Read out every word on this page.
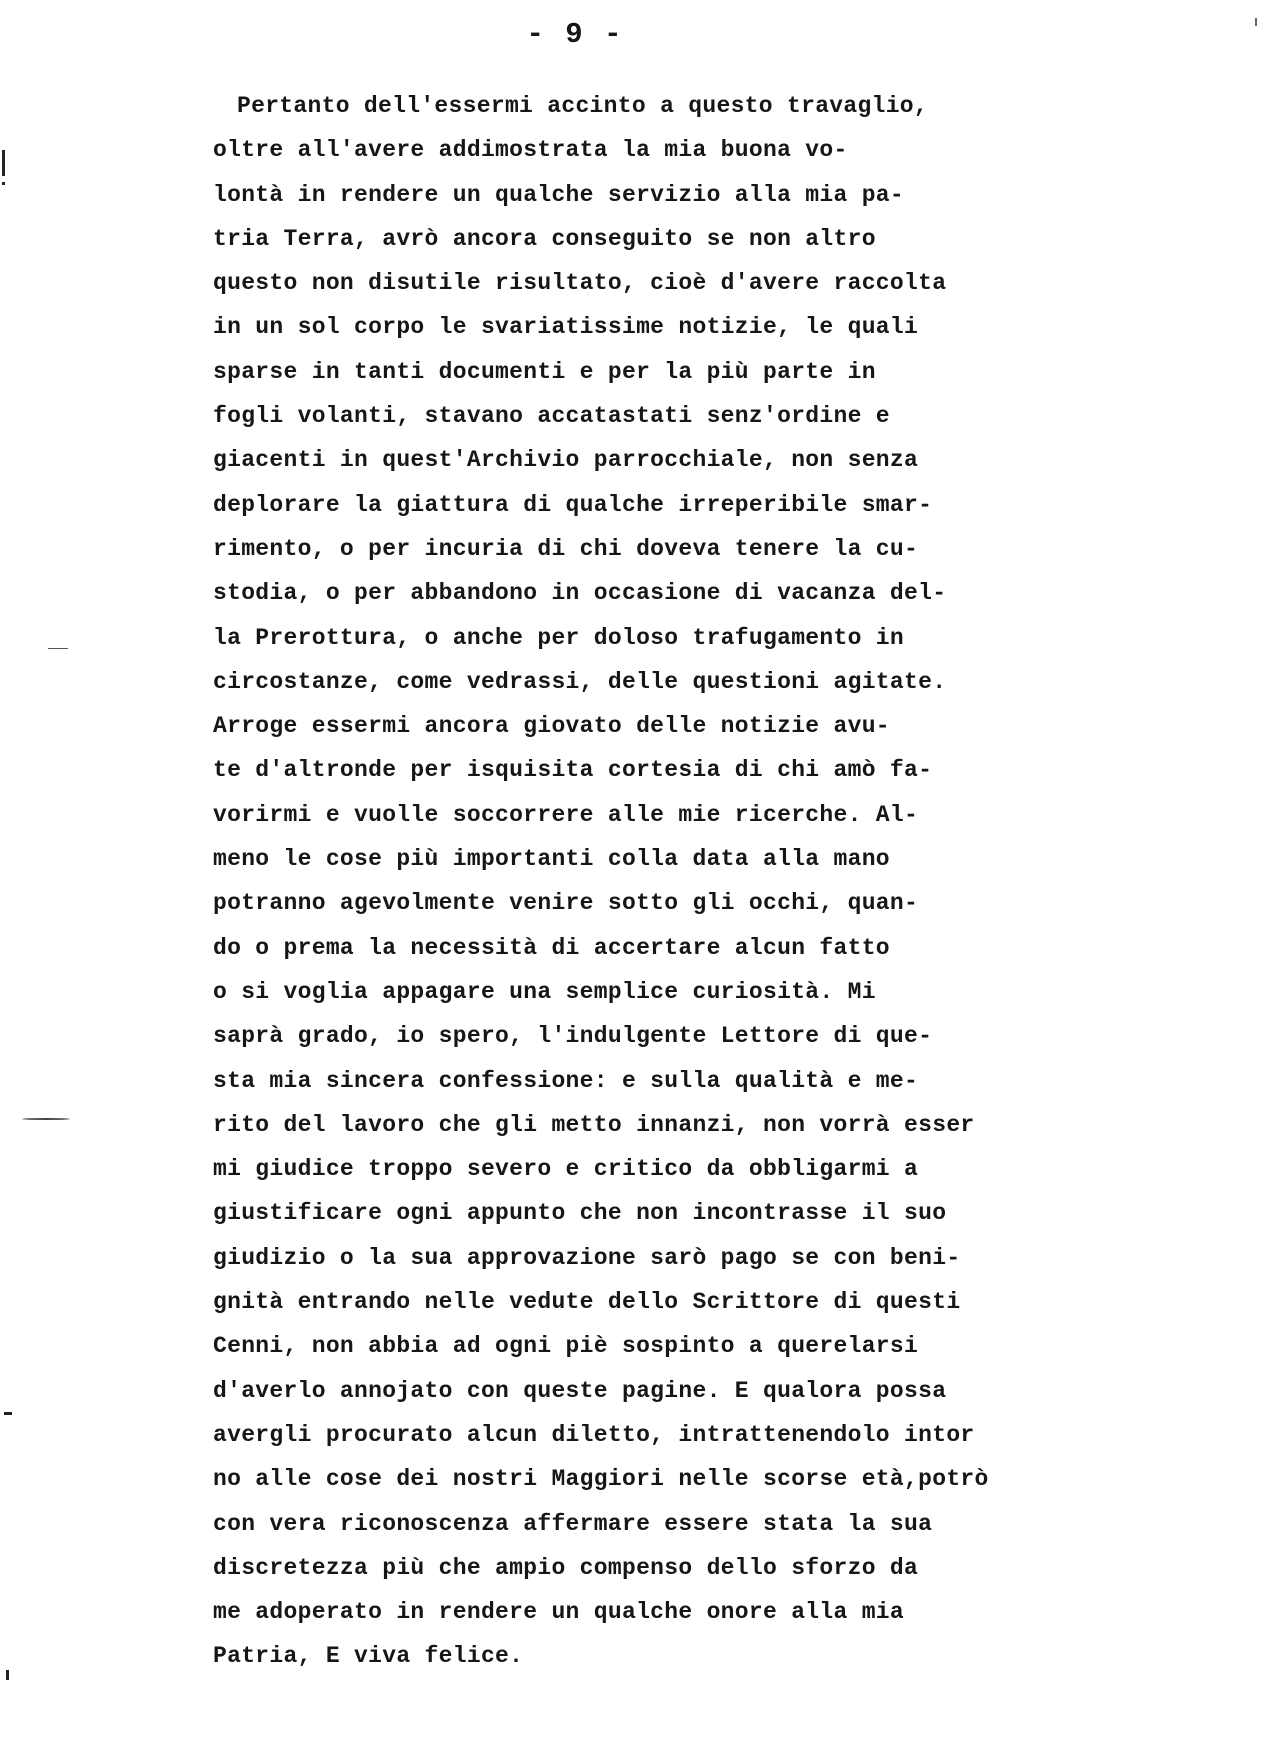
- 9 -
Pertanto dell'essermi accinto a questo travaglio,
oltre all'avere addimostrata la mia buona vo-
lontà in rendere un qualche servizio alla mia pa-
tria Terra, avrò ancora conseguito se non altro
questo non disutile risultato, cioè d'avere raccolta
in un sol corpo le svariatissime notizie, le quali
sparse in tanti documenti e per la più parte in
fogli volanti, stavano accatastati senz'ordine e
giacenti in quest'Archivio parrocchiale, non senza
deplorare la giattura di qualche irreperibile smar-
rimento, o per incuria di chi doveva tenere la cu-
stodia, o per abbandono in occasione di vacanza del-
la Prerottura, o anche per doloso trafugamento in
circostanze, come vedrassi, delle questioni agitate.
Arroge essermi ancora giovato delle notizie avu-
te d'altronde per isquisita cortesia di chi amò fa-
vorirmi e vuolle soccorrere alle mie ricerche. Al-
meno le cose più importanti colla data alla mano
potranno agevolmente venire sotto gli occhi, quan-
do o prema la necessità di accertare alcun fatto
o si voglia appagare una semplice curiosità. Mi
saprà grado, io spero, l'indulgente Lettore di que-
sta mia sincera confessione: e sulla qualità e me-
rito del lavoro che gli metto innanzi, non vorrà esser
mi giudice troppo severo e critico da obbligarmi a
giustificare ogni appunto che non incontrasse il suo
giudizio o la sua approvazione sarò pago se con beni-
gnità entrando nelle vedute dello Scrittore di questi
Cenni, non abbia ad ogni piè sospinto a querelarsi
d'averlo annojato con queste pagine. E qualora possa
avergli procurato alcun diletto, intrattenendolo intor
no alle cose dei nostri Maggiori nelle scorse età,potrò
con vera riconoscenza affermare essere stata la sua
discretezza più che ampio compenso dello sforzo da
me adoperato in rendere un qualche onore alla mia
Patria, E viva felice.
